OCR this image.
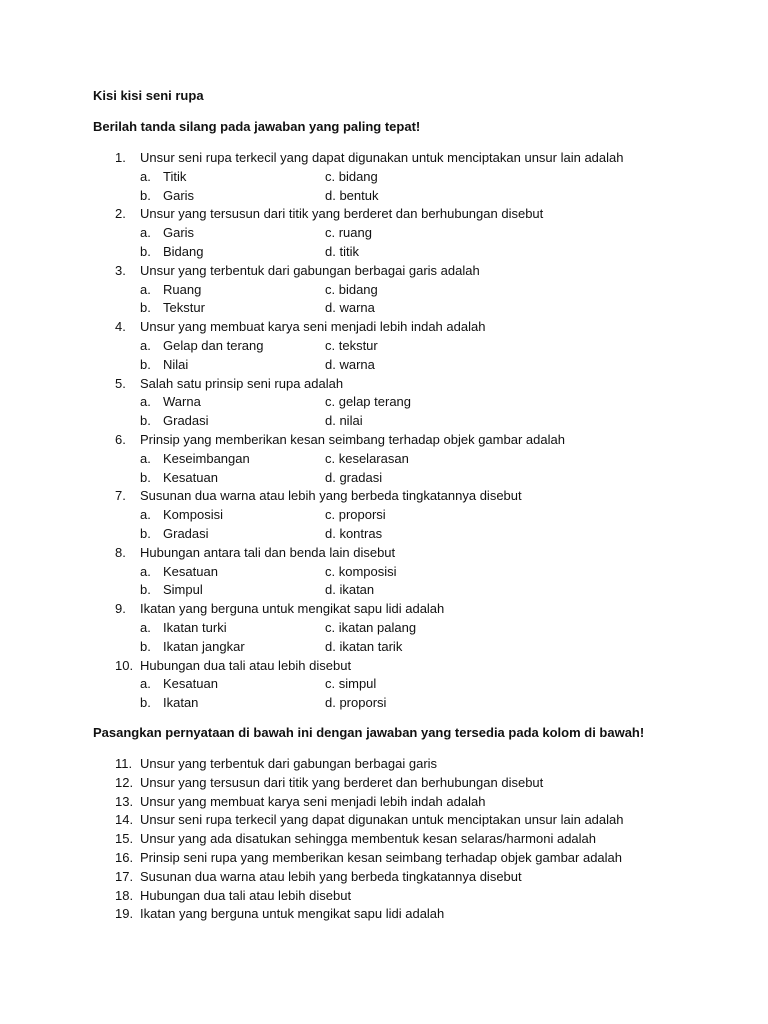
Kisi kisi seni rupa
Berilah tanda silang pada jawaban yang paling tepat!
1.	Unsur seni rupa terkecil yang dapat digunakan untuk menciptakan unsur lain adalah
a. Titik	c. bidang
b. Garis	d. bentuk
2.	Unsur yang tersusun dari titik yang berderet dan berhubungan disebut
a. Garis	c. ruang
b. Bidang	d. titik
3.	Unsur yang terbentuk dari gabungan berbagai garis adalah
a. Ruang	c. bidang
b. Tekstur	d. warna
4.	Unsur yang membuat karya seni menjadi lebih indah adalah
a. Gelap dan terang	c. tekstur
b. Nilai	d. warna
5.	Salah satu prinsip seni rupa adalah
a. Warna	c. gelap terang
b. Gradasi	d. nilai
6.	Prinsip yang memberikan kesan seimbang terhadap objek gambar adalah
a. Keseimbangan	c. keselarasan
b. Kesatuan	d. gradasi
7.	Susunan dua warna atau lebih yang berbeda tingkatannya disebut
a. Komposisi	c. proporsi
b. Gradasi	d. kontras
8.	Hubungan antara tali dan benda lain disebut
a. Kesatuan	c. komposisi
b. Simpul	d. ikatan
9.	Ikatan yang berguna untuk mengikat sapu lidi adalah
a. Ikatan turki	c. ikatan palang
b. Ikatan jangkar	d. ikatan tarik
10. Hubungan dua tali atau lebih disebut
a. Kesatuan	c. simpul
b. Ikatan	d. proporsi
Pasangkan pernyataan di bawah ini dengan jawaban yang tersedia pada kolom di bawah!
11. Unsur yang terbentuk dari gabungan berbagai garis
12. Unsur yang tersusun dari titik yang berderet dan berhubungan disebut
13. Unsur yang membuat karya seni menjadi lebih indah adalah
14. Unsur seni rupa terkecil yang dapat digunakan untuk menciptakan unsur lain adalah
15. Unsur yang ada disatukan sehingga membentuk kesan selaras/harmoni adalah
16. Prinsip seni rupa yang memberikan kesan seimbang terhadap objek gambar adalah
17. Susunan dua warna atau lebih yang berbeda tingkatannya disebut
18. Hubungan dua tali atau lebih disebut
19. Ikatan yang berguna untuk mengikat sapu lidi adalah
